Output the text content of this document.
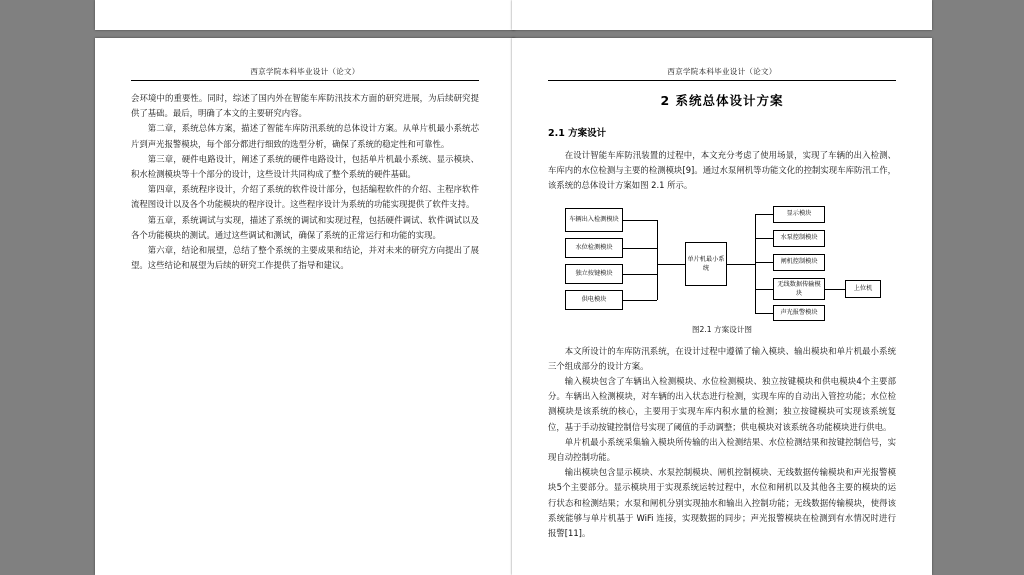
西京学院本科毕业设计（论文）

会环境中的重要性。同时，综述了国内外在智能车库防汛技术方面的研究进展，为后续研究提供了基础。最后，明确了本文的主要研究内容。

第二章，系统总体方案，描述了智能车库防汛系统的总体设计方案。从单片机最小系统芯片到声光报警模块，每个部分都进行细致的选型分析，确保了系统的稳定性和可靠性。

第三章，硬件电路设计，阐述了系统的硬件电路设计，包括单片机最小系统、显示模块、积水检测模块等十个部分的设计，这些设计共同构成了整个系统的硬件基础。

第四章，系统程序设计，介绍了系统的软件设计部分，包括编程软件的介绍、主程序软件流程图设计以及各个功能模块的程序设计。这些程序设计为系统的功能实现提供了软件支持。

第五章，系统调试与实现，描述了系统的调试和实现过程，包括硬件调试、软件调试以及各个功能模块的测试。通过这些调试和测试，确保了系统的正常运行和功能的实现。

第六章，结论和展望，总结了整个系统的主要成果和结论，并对未来的研究方向提出了展望。这些结论和展望为后续的研究工作提供了指导和建议。

西京学院本科毕业设计（论文）
2 系统总体设计方案
2.1 方案设计

在设计智能车库防汛装置的过程中，本文充分考虑了使用场景，实现了车辆的出入检测、车库内的水位检测与主要的检测模块[9]。通过水泵闸机等功能文化的控制实现车库防汛工作，该系统的总体设计方案如图 2.1 所示。

车辆出入检测模块
水位检测模块
独立按键模块
供电模块
单片机最小系统
显示模块
水泵控制模块
闸机控制模块
无线数据传输模块
声光报警模块
上位机
图2.1 方案设计图

本文所设计的车库防汛系统，在设计过程中遵循了输入模块、输出模块和单片机最小系统三个组成部分的设计方案。

输入模块包含了车辆出入检测模块、水位检测模块、独立按键模块和供电模块4个主要部分。车辆出入检测模块，对车辆的出入状态进行检测，实现车库的自动出入管控功能；水位检测模块是该系统的核心，主要用于实现车库内积水量的检测；独立按键模块可实现该系统复位，基于手动按键控制信号实现了阈值的手动调整；供电模块对该系统各功能模块进行供电。

单片机最小系统采集输入模块所传输的出入检测结果、水位检测结果和按键控制信号，实现自动控制功能。

输出模块包含显示模块、水泵控制模块、闸机控制模块、无线数据传输模块和声光报警模块5个主要部分。显示模块用于实现系统运转过程中，水位和闸机以及其他各主要的模块的运行状态和检测结果；水泵和闸机分别实现抽水和输出入控制功能；无线数据传输模块，使得该系统能够与单片机基于 WiFi 连接，实现数据的同步；声光报警模块在检测到有水情况时进行报警[11]。
